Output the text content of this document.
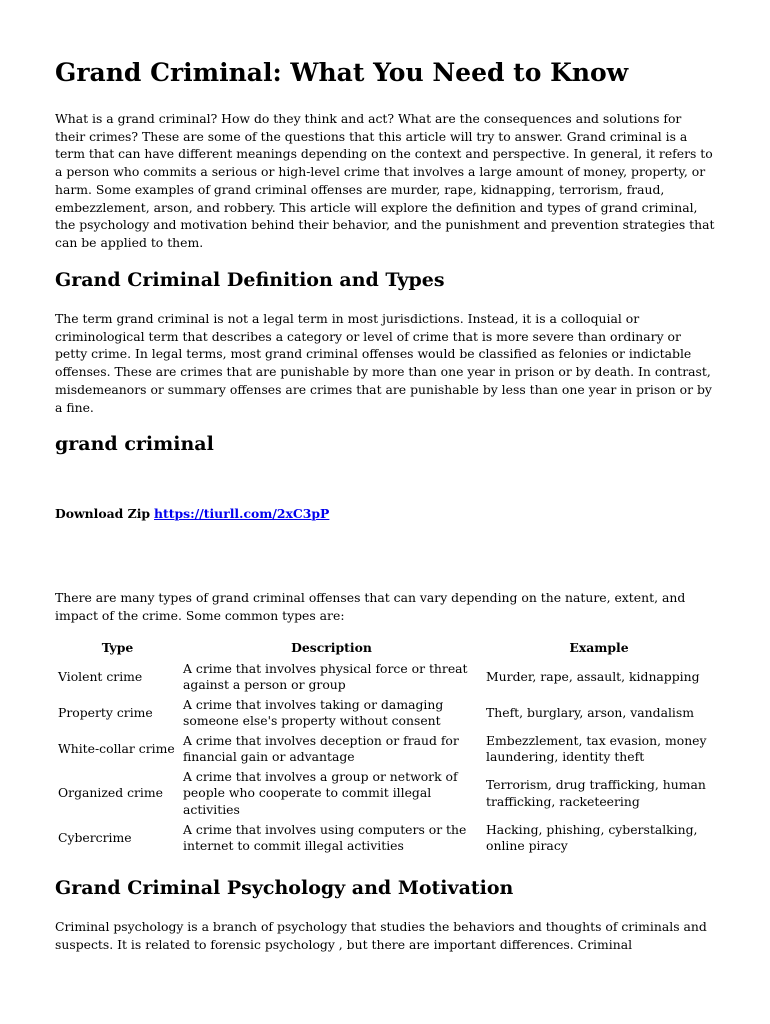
Grand Criminal: What You Need to Know

What is a grand criminal? How do they think and act? What are the consequences and solutions for their crimes? These are some of the questions that this article will try to answer. Grand criminal is a term that can have different meanings depending on the context and perspective. In general, it refers to a person who commits a serious or high-level crime that involves a large amount of money, property, or harm. Some examples of grand criminal offenses are murder, rape, kidnapping, terrorism, fraud, embezzlement, arson, and robbery. This article will explore the definition and types of grand criminal, the psychology and motivation behind their behavior, and the punishment and prevention strategies that can be applied to them.

Grand Criminal Definition and Types

The term grand criminal is not a legal term in most jurisdictions. Instead, it is a colloquial or criminological term that describes a category or level of crime that is more severe than ordinary or petty crime. In legal terms, most grand criminal offenses would be classified as felonies or indictable offenses. These are crimes that are punishable by more than one year in prison or by death. In contrast, misdemeanors or summary offenses are crimes that are punishable by less than one year in prison or by a fine.

grand criminal
Download Zip https://tiurll.com/2xC3pP

There are many types of grand criminal offenses that can vary depending on the nature, extent, and impact of the crime. Some common types are:

Type	Description	Example
Violent crime	A crime that involves physical force or threat against a person or group	Murder, rape, assault, kidnapping
Property crime	A crime that involves taking or damaging someone else's property without consent	Theft, burglary, arson, vandalism
White-collar crime	A crime that involves deception or fraud for financial gain or advantage	Embezzlement, tax evasion, money laundering, identity theft
Organized crime	A crime that involves a group or network of people who cooperate to commit illegal activities	Terrorism, drug trafficking, human trafficking, racketeering
Cybercrime	A crime that involves using computers or the internet to commit illegal activities	Hacking, phishing, cyberstalking, online piracy
Grand Criminal Psychology and Motivation

Criminal psychology is a branch of psychology that studies the behaviors and thoughts of criminals and suspects. It is related to forensic psychology , but there are important differences. Criminal
